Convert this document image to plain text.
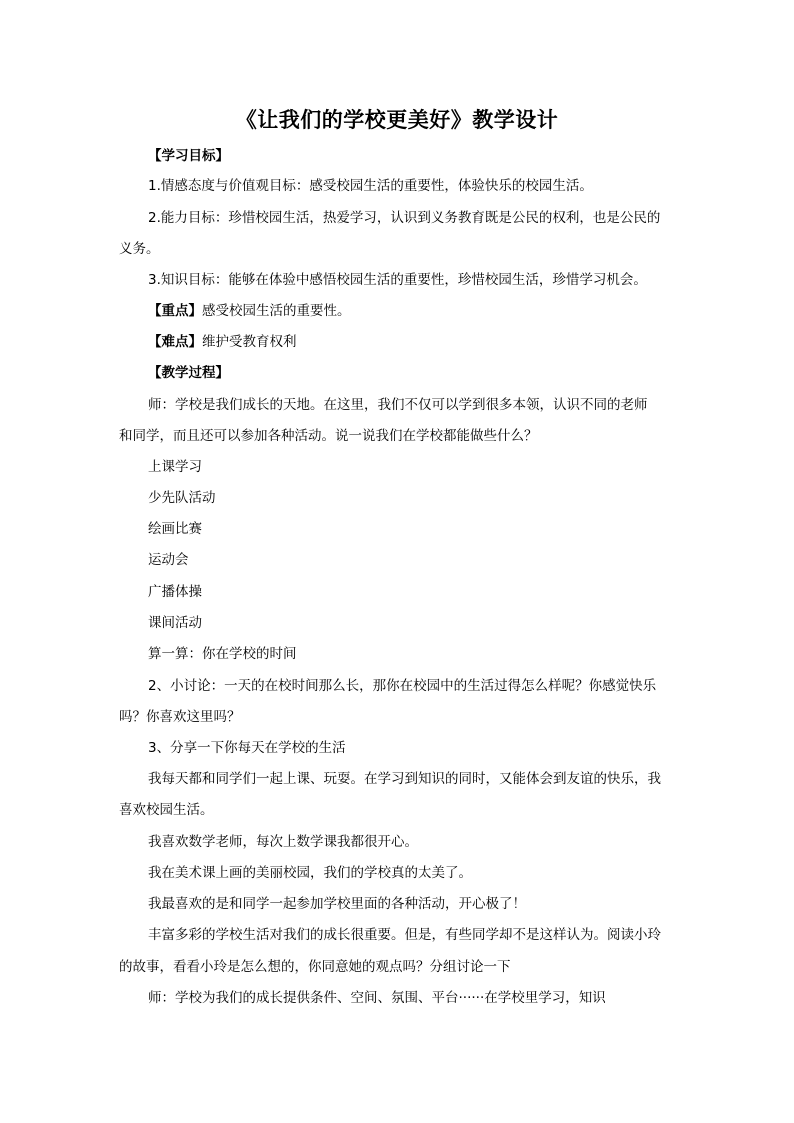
《让我们的学校更美好》教学设计
【学习目标】
1.情感态度与价值观目标：感受校园生活的重要性，体验快乐的校园生活。
2.能力目标：珍惜校园生活，热爱学习，认识到义务教育既是公民的权利，也是公民的
义务。
3.知识目标：能够在体验中感悟校园生活的重要性，珍惜校园生活，珍惜学习机会。
【重点】感受校园生活的重要性。
【难点】维护受教育权利
【教学过程】
师：学校是我们成长的天地。在这里，我们不仅可以学到很多本领，认识不同的老师
和同学，而且还可以参加各种活动。说一说我们在学校都能做些什么？
上课学习
少先队活动
绘画比赛
运动会
广播体操
课间活动
算一算：你在学校的时间
2、小讨论：一天的在校时间那么长，那你在校园中的生活过得怎么样呢？你感觉快乐
吗？你喜欢这里吗？
3、分享一下你每天在学校的生活
我每天都和同学们一起上课、玩耍。在学习到知识的同时，又能体会到友谊的快乐，我
喜欢校园生活。
我喜欢数学老师，每次上数学课我都很开心。
我在美术课上画的美丽校园，我们的学校真的太美了。
我最喜欢的是和同学一起参加学校里面的各种活动，开心极了！
丰富多彩的学校生活对我们的成长很重要。但是，有些同学却不是这样认为。阅读小玲
的故事，看看小玲是怎么想的，你同意她的观点吗？分组讨论一下
师：学校为我们的成长提供条件、空间、氛围、平台······在学校里学习，知识
